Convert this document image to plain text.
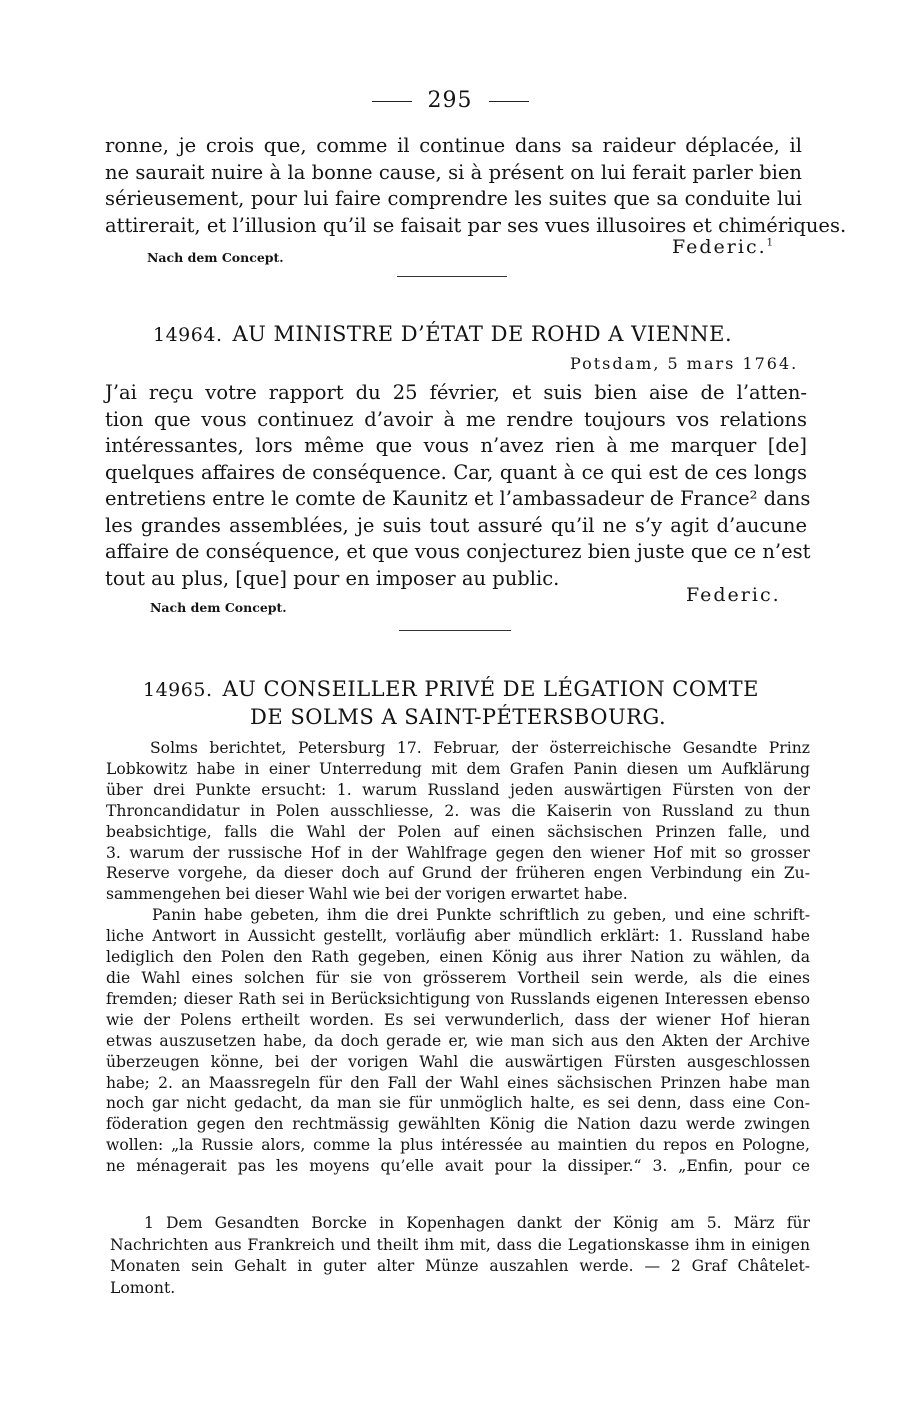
295
ronne, je crois que, comme il continue dans sa raideur déplacée, il
ne saurait nuire à la bonne cause, si à présent on lui ferait parler bien
sérieusement, pour lui faire comprendre les suites que sa conduite lui
attirerait, et l’illusion qu’il se faisait par ses vues illusoires et chimériques.
Nach dem Concept.	Federic.$^1$
14964. AU MINISTRE D’ÉTAT DE ROHD A VIENNE.
Potsdam, 5 mars 1764.
J’ai reçu votre rapport du 25 février, et suis bien aise de l’atten-
tion que vous continuez d’avoir à me rendre toujours vos relations
intéressantes, lors même que vous n’avez rien à me marquer [de]
quelques affaires de conséquence. Car, quant à ce qui est de ces longs
entretiens entre le comte de Kaunitz et l’ambassadeur de France² dans
les grandes assemblées, je suis tout assuré qu’il ne s’y agit d’aucune
affaire de conséquence, et que vous conjecturez bien juste que ce n’est
tout au plus, [que] pour en imposer au public.
Nach dem Concept.
Federic.
14965. AU CONSEILLER PRIVÉ DE LÉGATION COMTE
DE SOLMS A SAINT-PÉTERSBOURG.
Solms berichtet, Petersburg 17. Februar, der österreichische Gesandte Prinz
Lobkowitz habe in einer Unterredung mit dem Grafen Panin diesen um Aufklärung
über drei Punkte ersucht: 1. warum Russland jeden auswärtigen Fürsten von der
Throncandidatur in Polen ausschliesse, 2. was die Kaiserin von Russland zu thun
beabsichtige, falls die Wahl der Polen auf einen sächsischen Prinzen falle, und
3. warum der russische Hof in der Wahlfrage gegen den wiener Hof mit so grosser
Reserve vorgehe, da dieser doch auf Grund der früheren engen Verbindung ein Zu-
sammengehen bei dieser Wahl wie bei der vorigen erwartet habe.
Panin habe gebeten, ihm die drei Punkte schriftlich zu geben, und eine schrift-
liche Antwort in Aussicht gestellt, vorläufig aber mündlich erklärt: 1. Russland habe
lediglich den Polen den Rath gegeben, einen König aus ihrer Nation zu wählen, da
die Wahl eines solchen für sie von grösserem Vortheil sein werde, als die eines
fremden; dieser Rath sei in Berücksichtigung von Russlands eigenen Interessen ebenso
wie der Polens ertheilt worden. Es sei verwunderlich, dass der wiener Hof hieran
etwas auszusetzen habe, da doch gerade er, wie man sich aus den Akten der Archive
überzeugen könne, bei der vorigen Wahl die auswärtigen Fürsten ausgeschlossen
habe; 2. an Maassregeln für den Fall der Wahl eines sächsischen Prinzen habe man
noch gar nicht gedacht, da man sie für unmöglich halte, es sei denn, dass eine Con-
föderation gegen den rechtmässig gewählten König die Nation dazu werde zwingen
wollen: „la Russie alors, comme la plus intéressée au maintien du repos en Pologne,
ne ménagerait pas les moyens qu’elle avait pour la dissiper.“ 3. „Enfin, pour ce
1 Dem Gesandten Borcke in Kopenhagen dankt der König am 5. März für
Nachrichten aus Frankreich und theilt ihm mit, dass die Legationskasse ihm in einigen
Monaten sein Gehalt in guter alter Münze auszahlen werde. — 2 Graf Châtelet-
Lomont.
